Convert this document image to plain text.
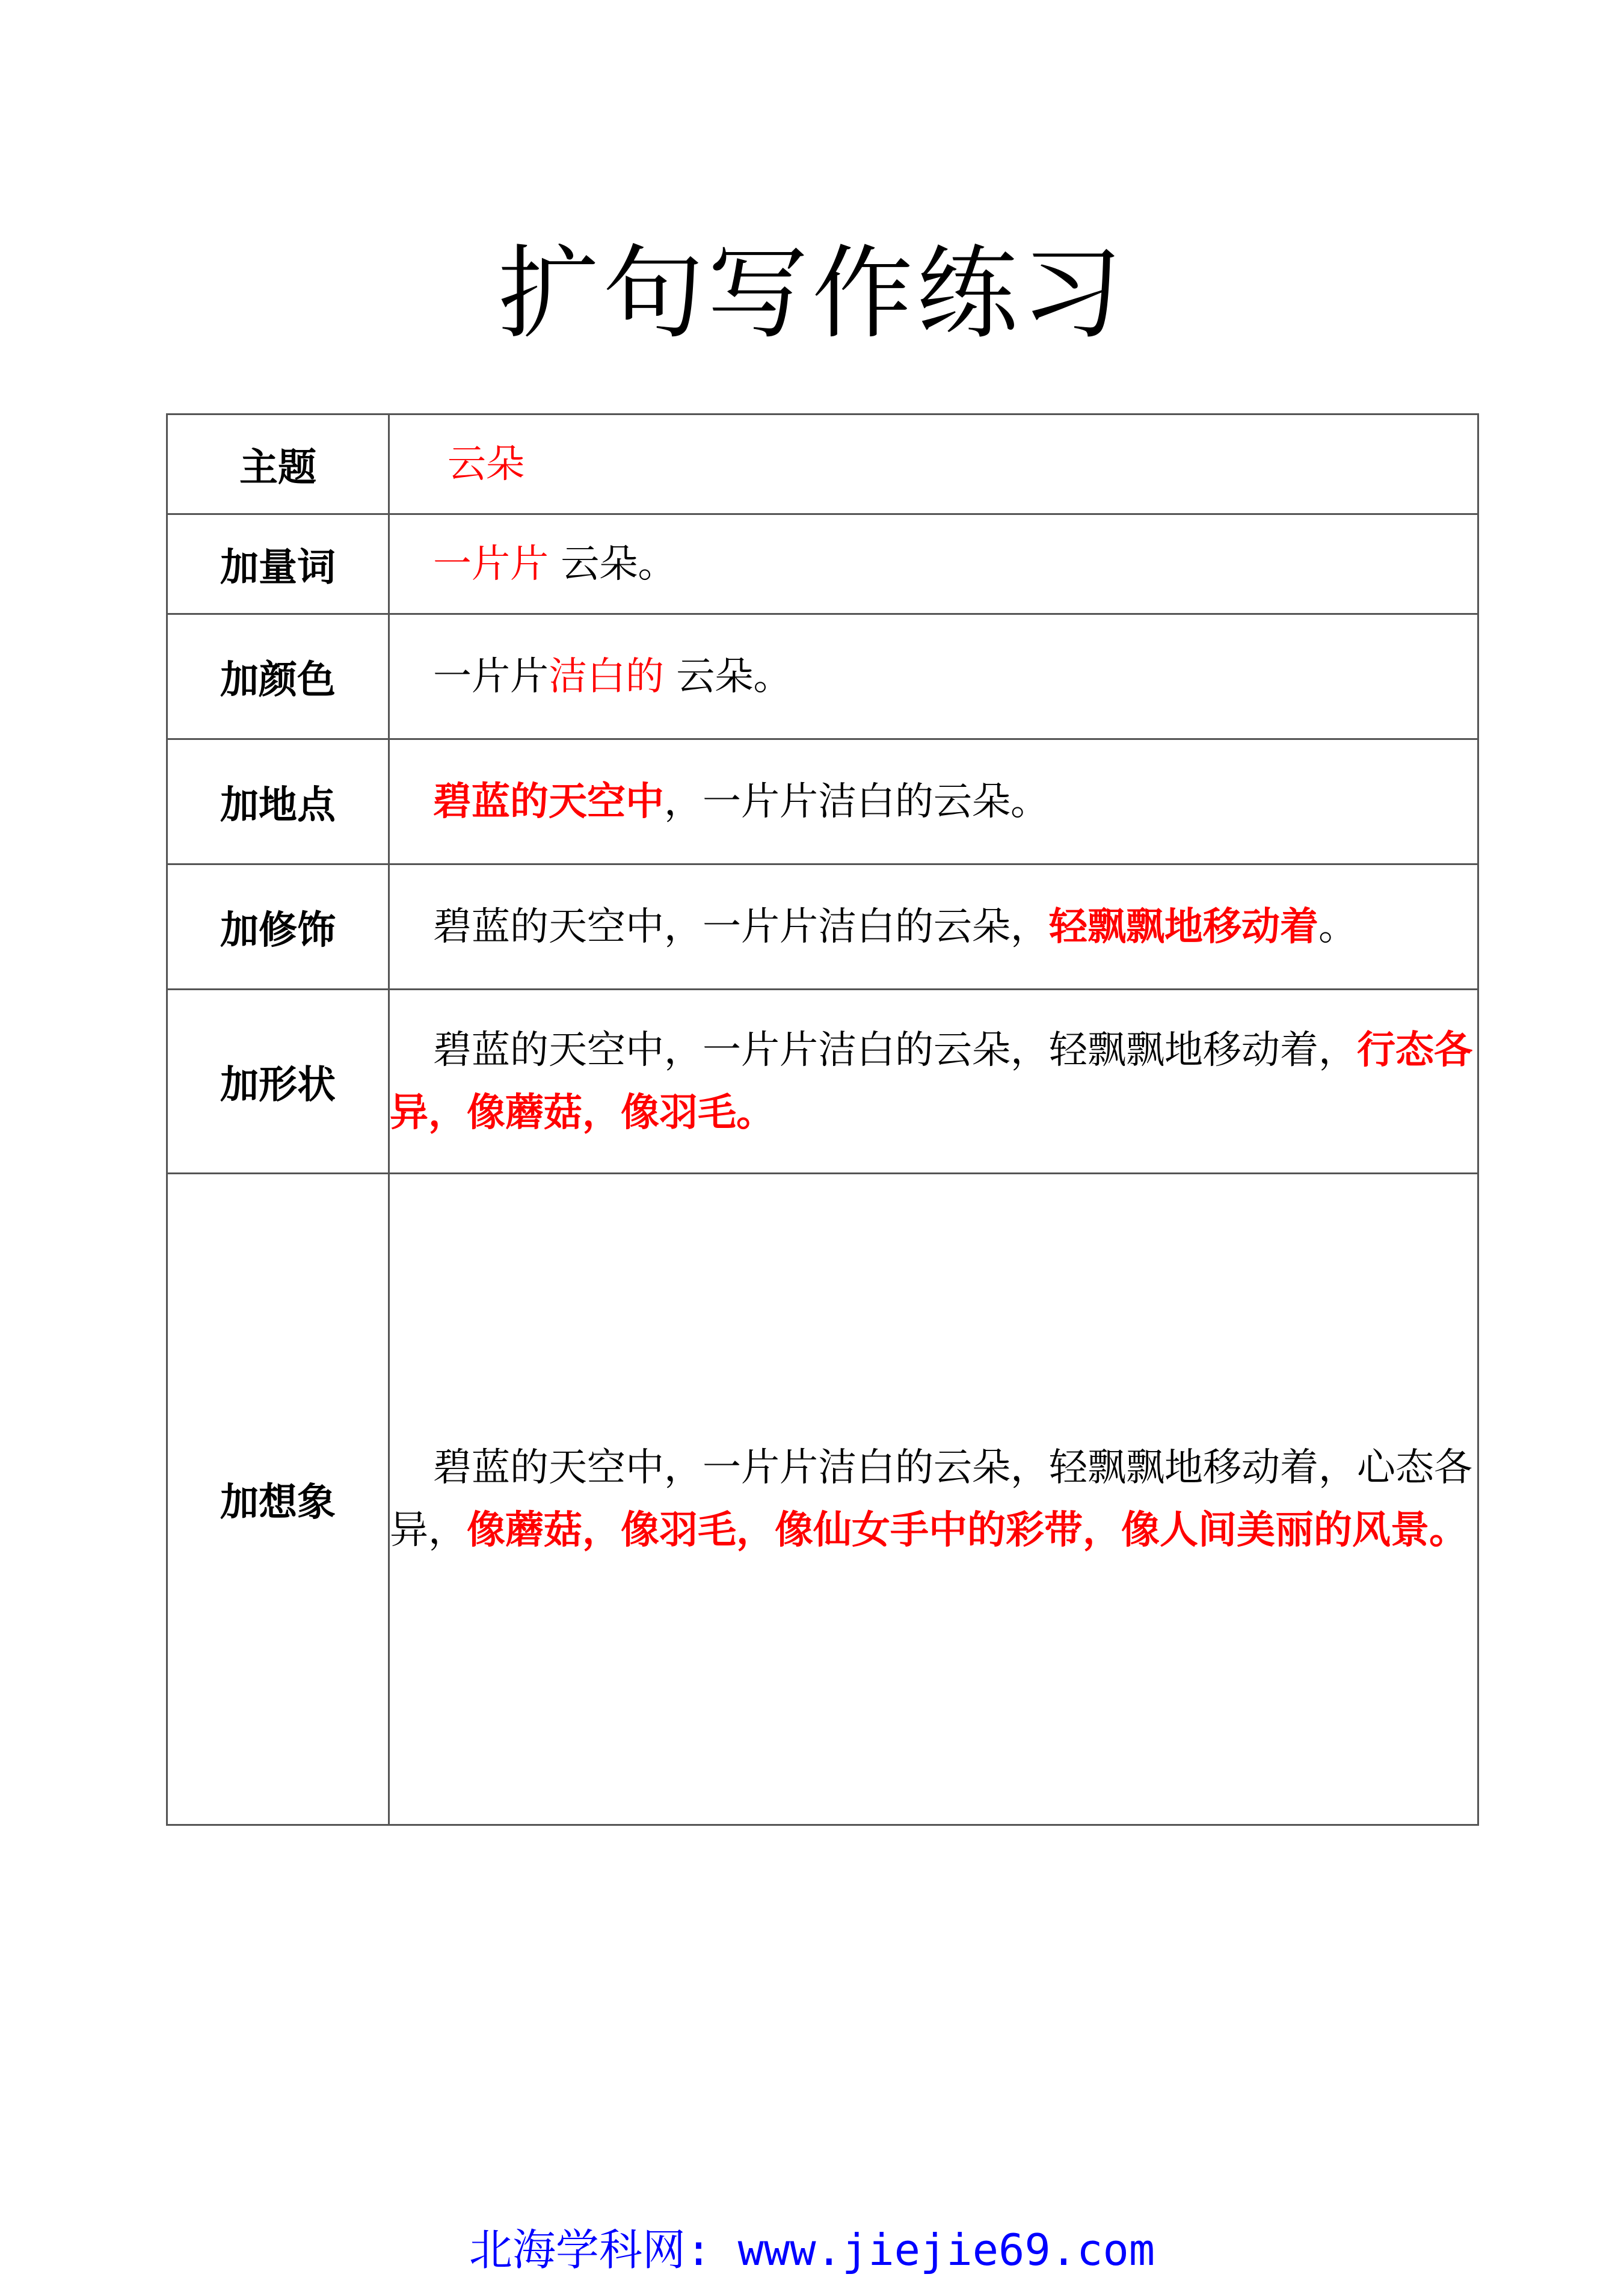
扩句写作练习
主题	云朵

加量词	一片片 云朵。

加颜色	一片片洁白的 云朵。

加地点	碧蓝的天空中，一片片洁白的云朵。

加修饰	碧蓝的天空中，一片片洁白的云朵，轻飘飘地移动着。

加形状	碧蓝的天空中，一片片洁白的云朵，轻飘飘地移动着，行态各异，像蘑菇，像羽毛。

加想象	碧蓝的天空中，一片片洁白的云朵，轻飘飘地移动着，心态各异，像蘑菇，像羽毛，像仙女手中的彩带，像人间美丽的风景。
北海学科网: www.jiejie69.com
